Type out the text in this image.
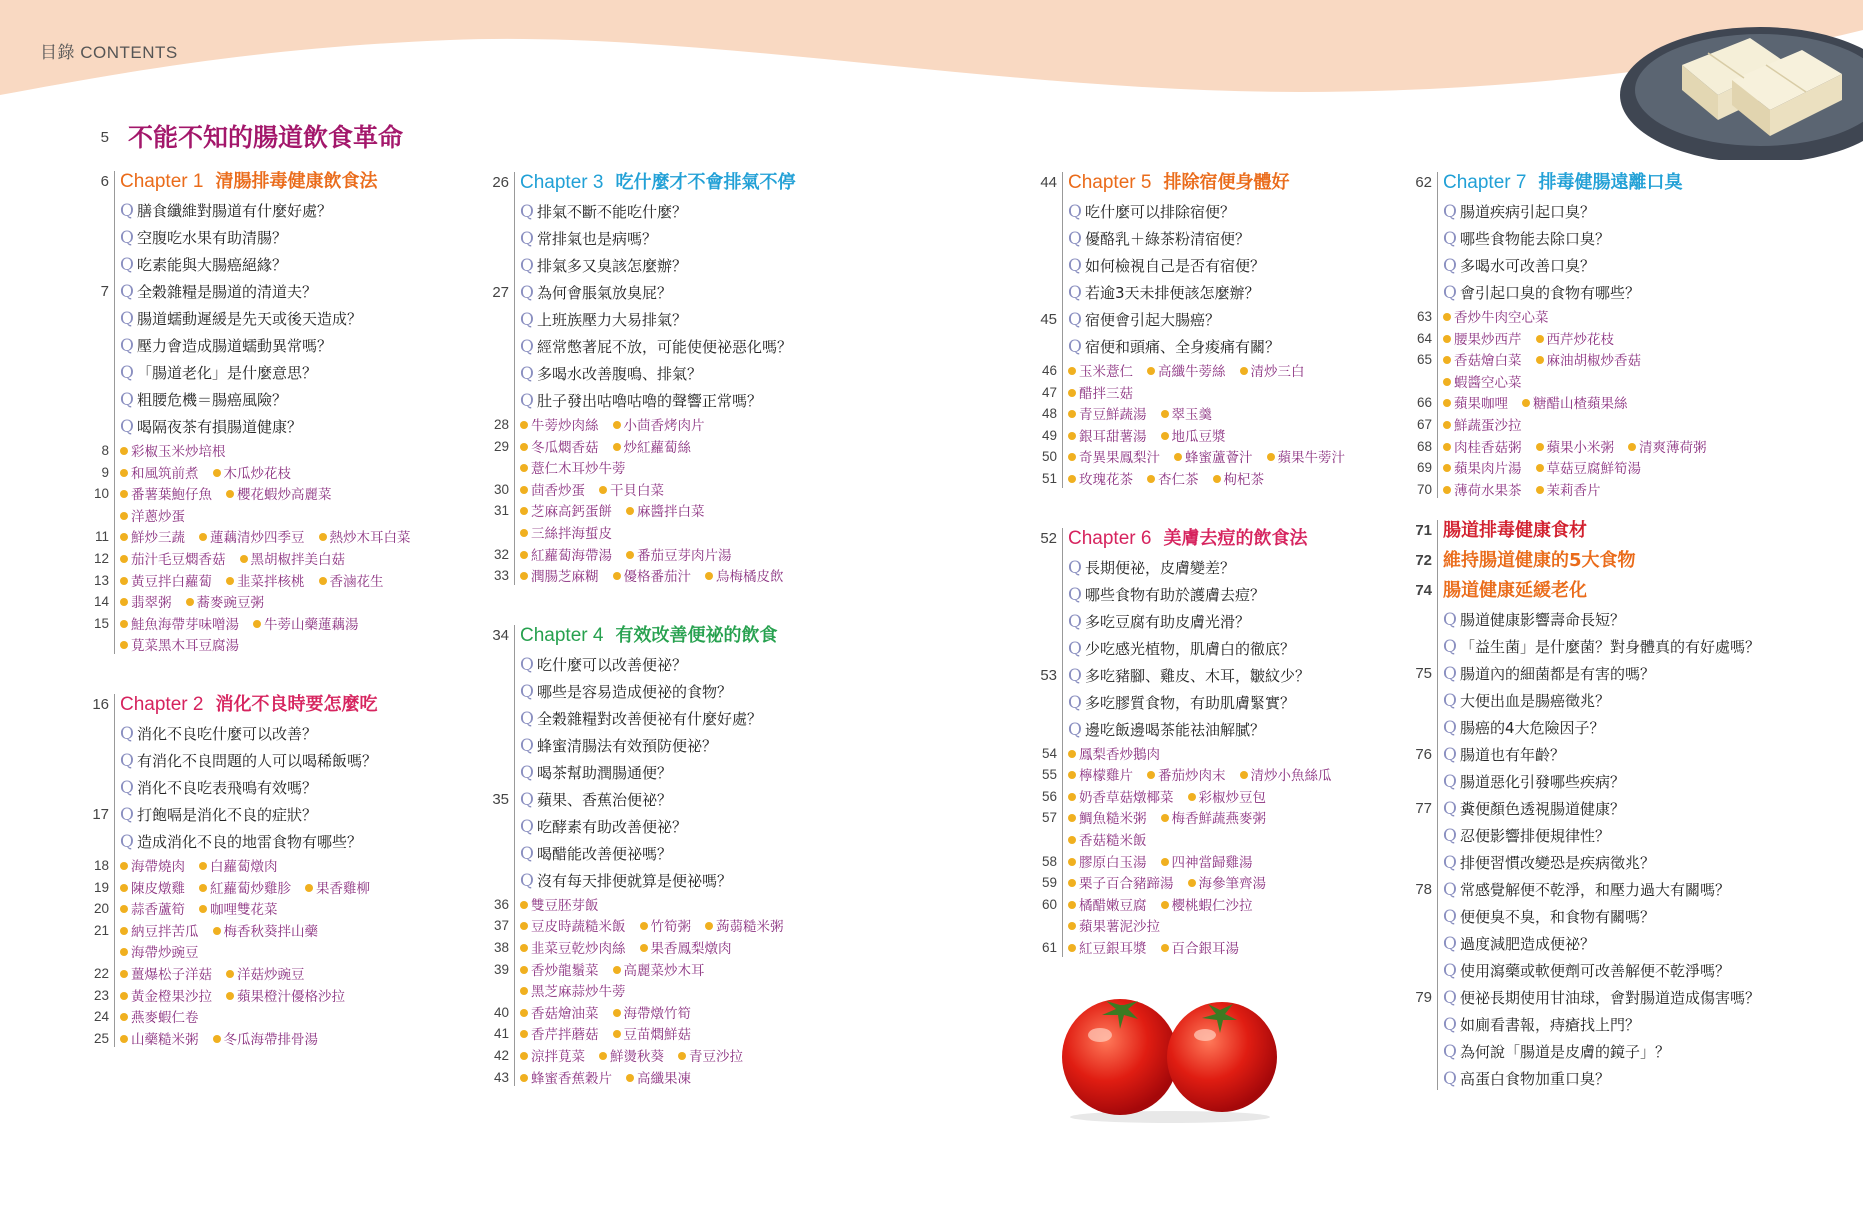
目錄 CONTENTS
5 不能不知的腸道飲食革命
6 Chapter 1 清腸排毒健康飲食法
Q 膳食纖維對腸道有什麼好處？
Q 空腹吃水果有助清腸？
Q 吃素能與大腸癌絕緣？
7 Q 全穀雜糧是腸道的清道夫？
Q 腸道蠕動遲緩是先天或後天造成？
Q 壓力會造成腸道蠕動異常嗎？
Q 「腸道老化」是什麼意思？
Q 粗腰危機＝腸癌風險？
Q 喝隔夜茶有損腸道健康？
8	彩椒玉米炒培根
9	和風筑前煮 木瓜炒花枝
10	番薯葉鮑仔魚 櫻花蝦炒高麗菜
洋蔥炒蛋
11	鮮炒三蔬 蓮藕清炒四季豆 熱炒木耳白菜
12	茄汁毛豆燜香菇 黑胡椒拌美白菇
13	黃豆拌白蘿蔔 韭菜拌核桃 香滷花生
14	翡翠粥 蕎麥豌豆粥
15	鮭魚海帶芽味噌湯 牛蒡山藥蓮藕湯
莧菜黑木耳豆腐湯
16 Chapter 2 消化不良時要怎麼吃
Q 消化不良吃什麼可以改善？
Q 有消化不良問題的人可以喝稀飯嗎？
Q 消化不良吃表飛鳴有效嗎？
17 Q 打飽嗝是消化不良的症狀？
Q 造成消化不良的地雷食物有哪些？
18	海帶燒肉 白蘿蔔燉肉
19	陳皮燉雞 紅蘿蔔炒雞胗 果香雞柳
20	蒜香蘆筍 咖哩雙花菜
21	納豆拌苦瓜 梅香秋葵拌山藥
海帶炒豌豆
22	薑爆松子洋菇 洋菇炒豌豆
23	黃金橙果沙拉 蘋果橙汁優格沙拉
24	燕麥蝦仁卷
25	山藥糙米粥 冬瓜海帶排骨湯
26 Chapter 3 吃什麼才不會排氣不停
Q 排氣不斷不能吃什麼？
Q 常排氣也是病嗎？
Q 排氣多又臭該怎麼辦？
27 Q 為何會脹氣放臭屁？
Q 上班族壓力大易排氣？
Q 經常憋著屁不放，可能使便祕惡化嗎？
Q 多喝水改善腹鳴、排氣？
Q 肚子發出咕嚕咕嚕的聲響正常嗎？
28	牛蒡炒肉絲 小茴香烤肉片
29	冬瓜燜香菇 炒紅蘿蔔絲
薏仁木耳炒牛蒡
30	茴香炒蛋 干貝白菜
31	芝麻高鈣蛋餅 麻醬拌白菜
三絲拌海蜇皮
32	紅蘿蔔海帶湯 番茄豆芽肉片湯
33	潤腸芝麻糊 優格番茄汁 烏梅橘皮飲
34 Chapter 4 有效改善便祕的飲食
Q 吃什麼可以改善便祕？
Q 哪些是容易造成便祕的食物？
Q 全穀雜糧對改善便祕有什麼好處？
Q 蜂蜜清腸法有效預防便祕？
Q 喝茶幫助潤腸通便？
35 Q 蘋果、香蕉治便祕？
Q 吃酵素有助改善便祕？
Q 喝醋能改善便祕嗎？
Q 沒有每天排便就算是便祕嗎？
36	雙豆胚芽飯
37	豆皮時蔬糙米飯 竹筍粥 蒟蒻糙米粥
38	韭菜豆乾炒肉絲 果香鳳梨燉肉
39	香炒龍鬚菜 高麗菜炒木耳
黑芝麻蒜炒牛蒡
40	香菇燴油菜 海帶燉竹筍
41	香芹拌蘑菇 豆苗燜鮮菇
42	涼拌莧菜 鮮燙秋葵 青豆沙拉
43	蜂蜜香蕉穀片 高纖果凍
44 Chapter 5 排除宿便身體好
Q 吃什麼可以排除宿便？
Q 優酪乳＋綠茶粉清宿便？
Q 如何檢視自己是否有宿便？
Q 若逾3天未排便該怎麼辦？
45 Q 宿便會引起大腸癌？
Q 宿便和頭痛、全身痠痛有關？
46	玉米薏仁 高纖牛蒡絲 清炒三白
47	醋拌三菇
48	青豆鮮蔬湯 翠玉羹
49	銀耳甜薯湯 地瓜豆漿
50	奇異果鳳梨汁 蜂蜜蘆薈汁 蘋果牛蒡汁
51	玫瑰花茶 杏仁茶 枸杞茶
52 Chapter 6 美膚去痘的飲食法
Q 長期便祕，皮膚變差？
Q 哪些食物有助於護膚去痘？
Q 多吃豆腐有助皮膚光滑？
Q 少吃感光植物，肌膚白的徹底？
53 Q 多吃豬腳、雞皮、木耳，皺紋少？
Q 多吃膠質食物，有助肌膚緊實？
Q 邊吃飯邊喝茶能祛油解膩？
54	鳳梨香炒鵝肉
55	檸檬雞片 番茄炒肉末 清炒小魚絲瓜
56	奶香草菇燉椰菜 彩椒炒豆包
57	鯛魚糙米粥 梅香鮮蔬燕麥粥
香菇糙米飯
58	膠原白玉湯 四神當歸雞湯
59	栗子百合豬蹄湯 海參筆齊湯
60	橘醋嫩豆腐 櫻桃蝦仁沙拉
蘋果薯泥沙拉
61	紅豆銀耳漿 百合銀耳湯
62 Chapter 7 排毒健腸遠離口臭
Q 腸道疾病引起口臭？
Q 哪些食物能去除口臭？
Q 多喝水可改善口臭？
Q 會引起口臭的食物有哪些？
63	香炒牛肉空心菜
64	腰果炒西芹 西芹炒花枝
65	香菇燴白菜 麻油胡椒炒香菇
蝦醬空心菜
66	蘋果咖哩 糖醋山楂蘋果絲
67	鮮蔬蛋沙拉
68	肉桂香菇粥 蘋果小米粥 清爽薄荷粥
69	蘋果肉片湯 草菇豆腐鮮筍湯
70	薄荷水果茶 茉莉香片
71 腸道排毒健康食材
72 維持腸道健康的5大食物
74 腸道健康延緩老化
Q 腸道健康影響壽命長短？
Q 「益生菌」是什麼菌？對身體真的有好處嗎？
75 Q 腸道內的細菌都是有害的嗎？
Q 大便出血是腸癌徵兆？
Q 腸癌的4大危險因子？
76 Q 腸道也有年齡？
Q 腸道惡化引發哪些疾病？
77 Q 糞便顏色透視腸道健康？
Q 忍便影響排便規律性？
Q 排便習慣改變恐是疾病徵兆？
78 Q 常感覺解便不乾淨，和壓力過大有關嗎？
Q 便便臭不臭，和食物有關嗎？
Q 過度減肥造成便祕？
Q 使用瀉藥或軟便劑可改善解便不乾淨嗎？
79 Q 便祕長期使用甘油球，會對腸道造成傷害嗎？
Q 如廁看書報，痔瘡找上門？
Q 為何說「腸道是皮膚的鏡子」？
Q 高蛋白食物加重口臭？
